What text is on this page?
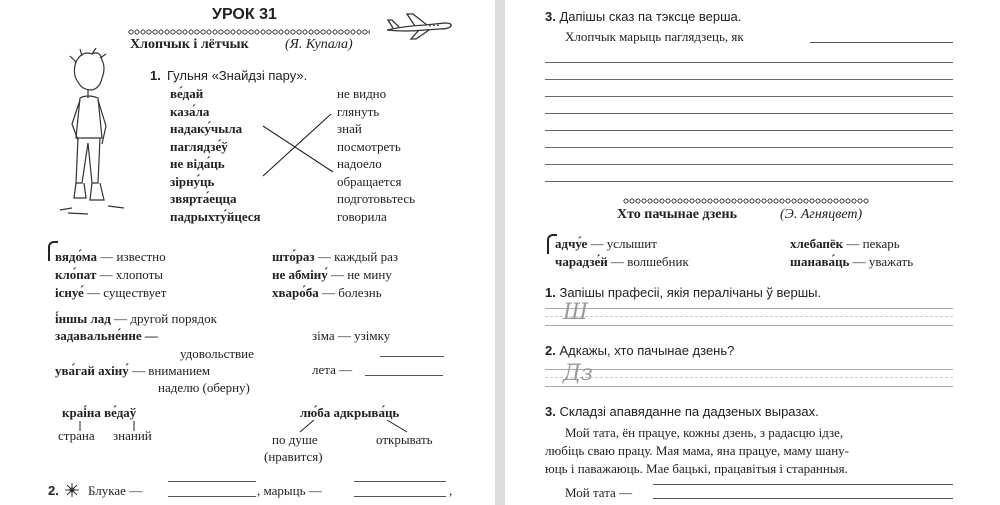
УРОК 31
Хлопчык і лётчык	(Я. Купала)
1. Гульня «Знайдзі пару».
ве́дай
каза́ла
надаку́чыла
паглядзе́ў
не віда́ць
зірну́ць
звярта́ецца
падрыхту́йцеся
не видно
глянуть
знай
посмотреть
надоело
обращается
подготовьтесь
говорила
вядо́ма — известно
кло́пат — хлопоты
існуе́ — существует
што́раз — каждый раз
не абміну́ — не мину
хваро́ба — болезнь
і́ншы лад — другой порядок
задавальне́нне —	зіма — узімку
удовольствие
ува́гай ахіну́ — вниманием	лета —
наделю (оберну)
краі́на ве́даў
страна знаний
лю́ба адкрыва́ць
по душе
(нравится)
открывать
2. Блукае —	, марыць —	,
3. Дапішы сказ па тэксце верша.
Хлопчык марыць паглядзець, як
Хто пачынае дзень	(Э. Агняцвет)
адчу́е — услышит
чарадзе́й — волшебник
хлебапёк — пекарь
шанава́ць — уважать
1. Запішы прафесіі, якія пералічаны ў вершы.
Ш
2. Адкажы, хто пачынае дзень?
Дз
3. Складзі апавяданне па дадзеных выразах.
Мой тата, ён працуе, кожны дзень, з радасцю ідзе,
любіць сваю працу. Мая мама, яна працуе, маму шану-
юць і паважаюць. Мае бацькі, працавітыя і старанныя.
Мой тата —
